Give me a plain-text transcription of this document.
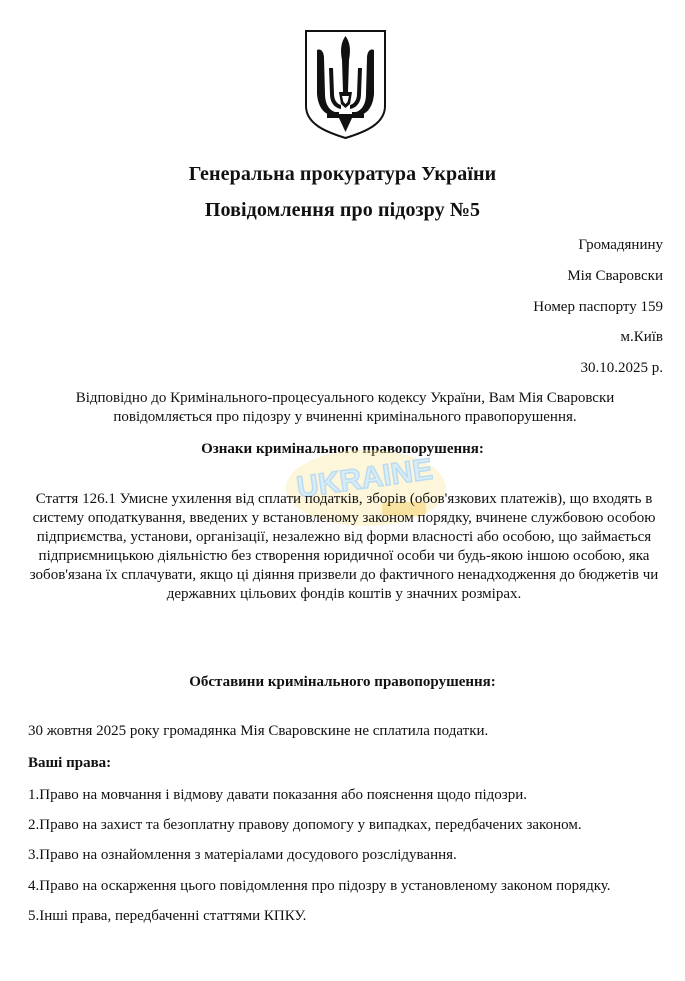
Генеральна прокуратура України
Повідомлення про підозру №5
Громадянину
Мія Сваровски
Номер паспорту 159
м.Київ
30.10.2025 р.
Відповідно до Кримінального-процесуального кодексу України, Вам Мія Сваровски повідомляється про підозру у вчиненні кримінального правопорушення.
Ознаки кримінального правопорушення:
UKRAINE
Стаття 126.1 Умисне ухилення від сплати податків, зборів (обов'язкових платежів), що входять в систему оподаткування, введених у встановленому законом порядку, вчинене службовою особою підприємства, установи, організації, незалежно від форми власності або особою, що займається підприємницькою діяльністю без створення юридичної особи чи будь-якою іншою особою, яка зобов'язана їх сплачувати, якщо ці діяння призвели до фактичного ненадходження до бюджетів чи державних цільових фондів коштів у значних розмірах.
Обставини кримінального правопорушення:
30 жовтня 2025 року громадянка Мія Сваровскине не сплатила податки.
Ваші права:
1.Право на мовчання і відмову давати показання або пояснення щодо підозри.
2.Право на захист та безоплатну правову допомогу у випадках, передбачених законом.
3.Право на ознайомлення з матеріалами досудового розслідування.
4.Право на оскарження цього повідомлення про підозру в установленому законом порядку.
5.Інші права, передбаченні статтями КПКУ.
